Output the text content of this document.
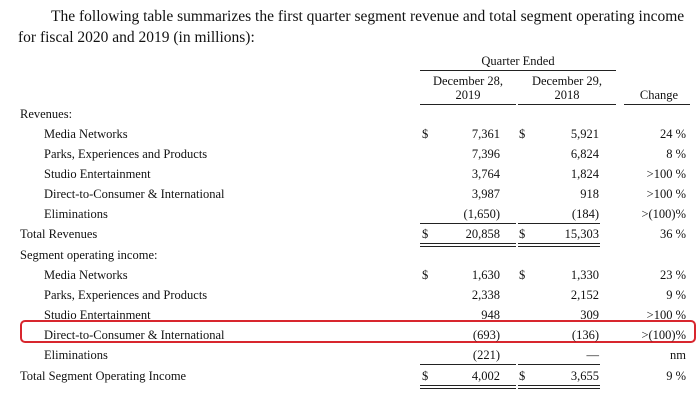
The following table summarizes the first quarter segment revenue and total segment operating income for fiscal 2020 and 2019 (in millions):

Quarter Ended
December 28,
2019
December 29,
2018	Change
Revenues:
Media Networks	$	7,361 $	5,921	24 %
Parks, Experiences and Products	7,396	6,824	8 %
Studio Entertainment	3,764	1,824	>100 %
Direct-to-Consumer & International	3,987	918	>100 %
Eliminations	(1,650)	(184)	>(100)%
Total Revenues	$	20,858 $	15,303	36 %
Segment operating income:
Media Networks	$	1,630 $	1,330	23 %
Parks, Experiences and Products	2,338	2,152	9 %
Studio Entertainment	948	309	>100 %
Direct-to-Consumer & International	(693)	(136)	>(100)%
Eliminations	(221)	—	nm
Total Segment Operating Income	$	4,002 $	3,655	9 %
